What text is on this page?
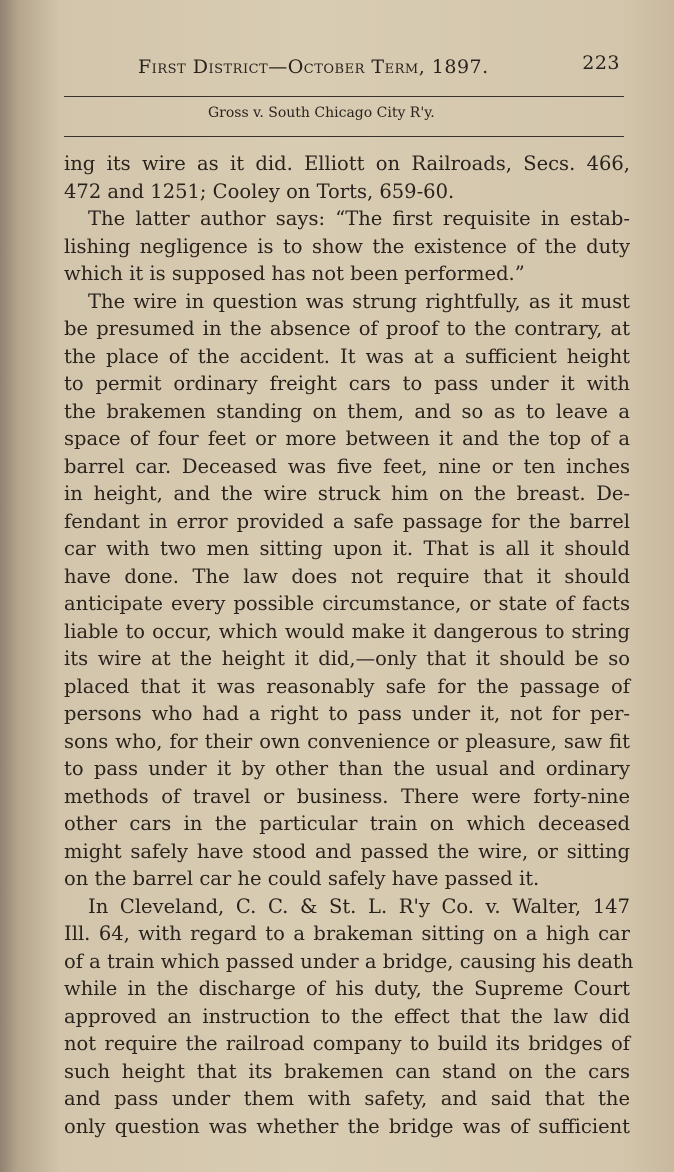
First District—October Term, 1897.	223
Gross v. South Chicago City R'y.
ing its wire as it did. Elliott on Railroads, Secs. 466,
472 and 1251; Cooley on Torts, 659-60.
The latter author says: “The first requisite in estab-
lishing negligence is to show the existence of the duty
which it is supposed has not been performed.”
The wire in question was strung rightfully, as it must
be presumed in the absence of proof to the contrary, at
the place of the accident. It was at a sufficient height
to permit ordinary freight cars to pass under it with
the brakemen standing on them, and so as to leave a
space of four feet or more between it and the top of a
barrel car. Deceased was five feet, nine or ten inches
in height, and the wire struck him on the breast. De-
fendant in error provided a safe passage for the barrel
car with two men sitting upon it. That is all it should
have done. The law does not require that it should
anticipate every possible circumstance, or state of facts
liable to occur, which would make it dangerous to string
its wire at the height it did,—only that it should be so
placed that it was reasonably safe for the passage of
persons who had a right to pass under it, not for per-
sons who, for their own convenience or pleasure, saw fit
to pass under it by other than the usual and ordinary
methods of travel or business. There were forty-nine
other cars in the particular train on which deceased
might safely have stood and passed the wire, or sitting
on the barrel car he could safely have passed it.
In Cleveland, C. C. & St. L. R'y Co. v. Walter, 147
Ill. 64, with regard to a brakeman sitting on a high car
of a train which passed under a bridge, causing his death
while in the discharge of his duty, the Supreme Court
approved an instruction to the effect that the law did
not require the railroad company to build its bridges of
such height that its brakemen can stand on the cars
and pass under them with safety, and said that the
only question was whether the bridge was of sufficient
